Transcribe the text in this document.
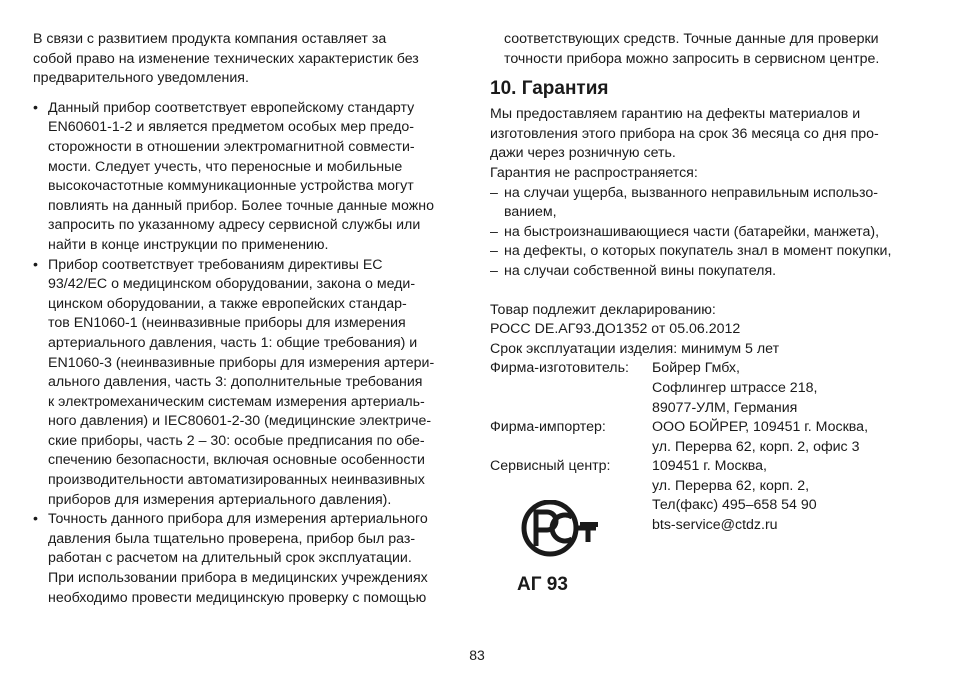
В связи с развитием продукта компания оставляет за
собой право на изменение технических характеристик без
предварительного уведомления.
• Данный прибор соответствует европейскому стандарту
EN60601-1-2 и является предметом особых мер предо-
сторожности в отношении электромагнитной совмести-
мости. Следует учесть, что переносные и мобильные
высокочастотные коммуникационные устройства могут
повлиять на данный прибор. Более точные данные можно
запросить по указанному адресу сервисной службы или
найти в конце инструкции по применению.
• Прибор соответствует требованиям директивы ЕС
93/42/EC о медицинском оборудовании, закона о меди-
цинском оборудовании, а также европейских стандар-
тов EN1060-1 (неинвазивные приборы для измерения
артериального давления, часть 1: общие требования) и
EN1060-3 (неинвазивные приборы для измерения артери-
ального давления, часть 3: дополнительные требования
к электромеханическим системам измерения артериаль-
ного давления) и IEC80601-2-30 (медицинские электриче-
ские приборы, часть 2 – 30: особые предписания по обе-
спечению безопасности, включая основные особенности
производительности автоматизированных неинвазивных
приборов для измерения артериального давления).
• Точность данного прибора для измерения артериального
давления была тщательно проверена, прибор был раз-
работан с расчетом на длительный срок эксплуатации.
При использовании прибора в медицинских учреждениях
необходимо провести медицинскую проверку с помощью
соответствующих средств. Точные данные для проверки
точности прибора можно запросить в сервисном центре.
10. Гарантия
Мы предоставляем гарантию на дефекты материалов и
изготовления этого прибора на срок 36 месяца со дня про-
дажи через розничную сеть.
Гарантия не распространяется:
– на случаи ущерба, вызванного неправильным использо-
ванием,
– на быстроизнашивающиеся части (батарейки, манжета),
– на дефекты, о которых покупатель знал в момент покупки,
– на случаи собственной вины покупателя.
Товар подлежит декларированию:
РОСС DE.АГ93.ДО1352 от 05.06.2012
Срок эксплуатации изделия: минимум 5 лет
Фирма-изготовитель:	Бойрер Гмбх,
Софлингер штрассе 218,
89077-УЛМ, Германия
Фирма-импортер:	ООО БОЙРЕР, 109451 г. Москва,
ул. Перерва 62, корп. 2, офис 3
Сервисный центр:	109451 г. Москва,
ул. Перерва 62, корп. 2,
Тел(факс) 495–658 54 90
bts-service@ctdz.ru
АГ 93
83
